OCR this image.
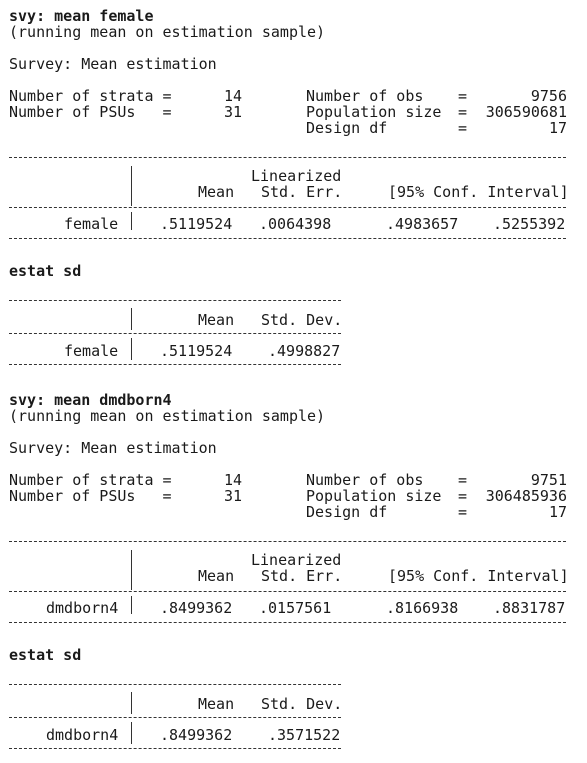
svy: mean female
(running mean on estimation sample)
Survey: Mean estimation
Number of strata =	14	Number of obs =	9756
Number of PSUs   =	31	Population size = 306590681
Design df	=	17
Linearized
Mean Std. Err.	[95% Conf. Interval]
female	.5119524 .0064398	.4983657 .5255392
estat sd
Mean Std. Dev.
female	.5119524 .4998827
svy: mean dmdborn4
(running mean on estimation sample)
Survey: Mean estimation
Number of strata =	14	Number of obs =	9751
Number of PSUs   =	31	Population size = 306485936
Design df	=	17
Linearized
Mean Std. Err.	[95% Conf. Interval]
dmdborn4	.8499362 .0157561	.8166938 .8831787
estat sd
Mean Std. Dev.
dmdborn4	.8499362 .3571522
